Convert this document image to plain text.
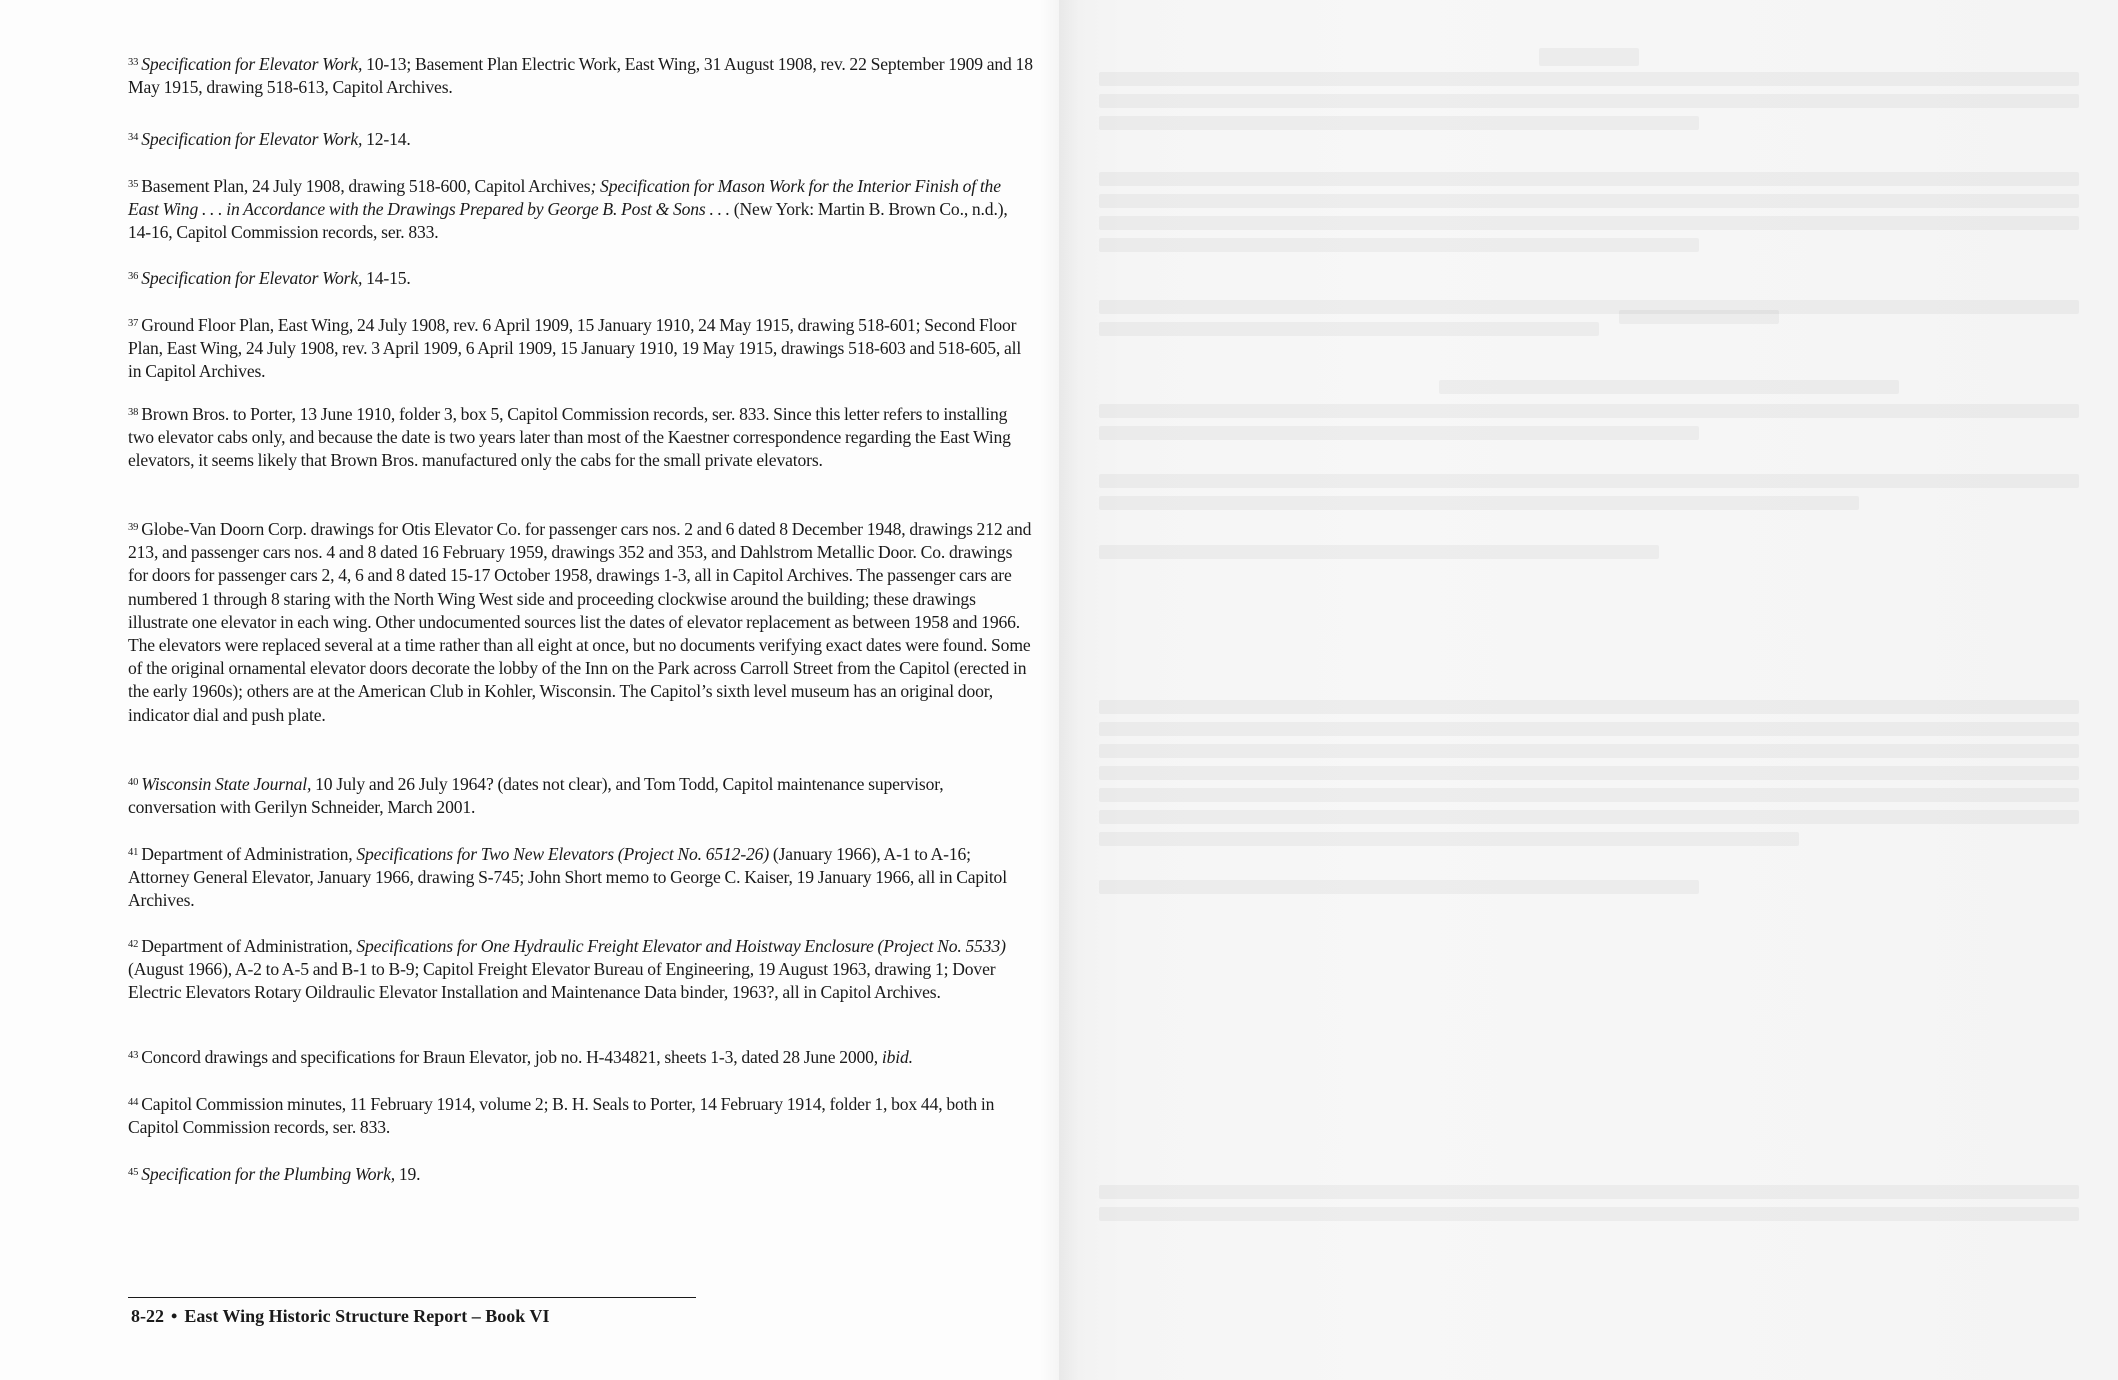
$^{33}$ Specification for Elevator Work, 10-13; Basement Plan Electric Work, East Wing, 31 August 1908, rev. 22 September 1909 and 18 May 1915, drawing 518-613, Capitol Archives.

$^{34}$ Specification for Elevator Work, 12-14.

$^{35}$ Basement Plan, 24 July 1908, drawing 518-600, Capitol Archives; Specification for Mason Work for the Interior Finish of the East Wing . . . in Accordance with the Drawings Prepared by George B. Post & Sons . . . (New York: Martin B. Brown Co., n.d.), 14-16, Capitol Commission records, ser. 833.

$^{36}$ Specification for Elevator Work, 14-15.

$^{37}$ Ground Floor Plan, East Wing, 24 July 1908, rev. 6 April 1909, 15 January 1910, 24 May 1915, drawing 518-601; Second Floor Plan, East Wing, 24 July 1908, rev. 3 April 1909, 6 April 1909, 15 January 1910, 19 May 1915, drawings 518-603 and 518-605, all in Capitol Archives.

$^{38}$ Brown Bros. to Porter, 13 June 1910, folder 3, box 5, Capitol Commission records, ser. 833. Since this letter refers to installing two elevator cabs only, and because the date is two years later than most of the Kaestner correspondence regarding the East Wing elevators, it seems likely that Brown Bros. manufactured only the cabs for the small private elevators.

$^{39}$ Globe-Van Doorn Corp. drawings for Otis Elevator Co. for passenger cars nos. 2 and 6 dated 8 December 1948, drawings 212 and 213, and passenger cars nos. 4 and 8 dated 16 February 1959, drawings 352 and 353, and Dahlstrom Metallic Door. Co. drawings for doors for passenger cars 2, 4, 6 and 8 dated 15-17 October 1958, drawings 1-3, all in Capitol Archives. The passenger cars are numbered 1 through 8 staring with the North Wing West side and proceeding clockwise around the building; these drawings illustrate one elevator in each wing. Other undocumented sources list the dates of elevator replacement as between 1958 and 1966. The elevators were replaced several at a time rather than all eight at once, but no documents verifying exact dates were found. Some of the original ornamental elevator doors decorate the lobby of the Inn on the Park across Carroll Street from the Capitol (erected in the early 1960s); others are at the American Club in Kohler, Wisconsin. The Capitol’s sixth level museum has an original door, indicator dial and push plate.

$^{40}$ Wisconsin State Journal, 10 July and 26 July 1964? (dates not clear), and Tom Todd, Capitol maintenance supervisor, conversation with Gerilyn Schneider, March 2001.

$^{41}$ Department of Administration, Specifications for Two New Elevators (Project No. 6512-26) (January 1966), A-1 to A-16; Attorney General Elevator, January 1966, drawing S-745; John Short memo to George C. Kaiser, 19 January 1966, all in Capitol Archives.

$^{42}$ Department of Administration, Specifications for One Hydraulic Freight Elevator and Hoistway Enclosure (Project No. 5533) (August 1966), A-2 to A-5 and B-1 to B-9; Capitol Freight Elevator Bureau of Engineering, 19 August 1963, drawing 1; Dover Electric Elevators Rotary Oildraulic Elevator Installation and Maintenance Data binder, 1963?, all in Capitol Archives.

$^{43}$ Concord drawings and specifications for Braun Elevator, job no. H-434821, sheets 1-3, dated 28 June 2000, ibid.

$^{44}$ Capitol Commission minutes, 11 February 1914, volume 2; B. H. Seals to Porter, 14 February 1914, folder 1, box 44, both in Capitol Commission records, ser. 833.

$^{45}$ Specification for the Plumbing Work, 19.

8-22 • East Wing Historic Structure Report – Book VI
